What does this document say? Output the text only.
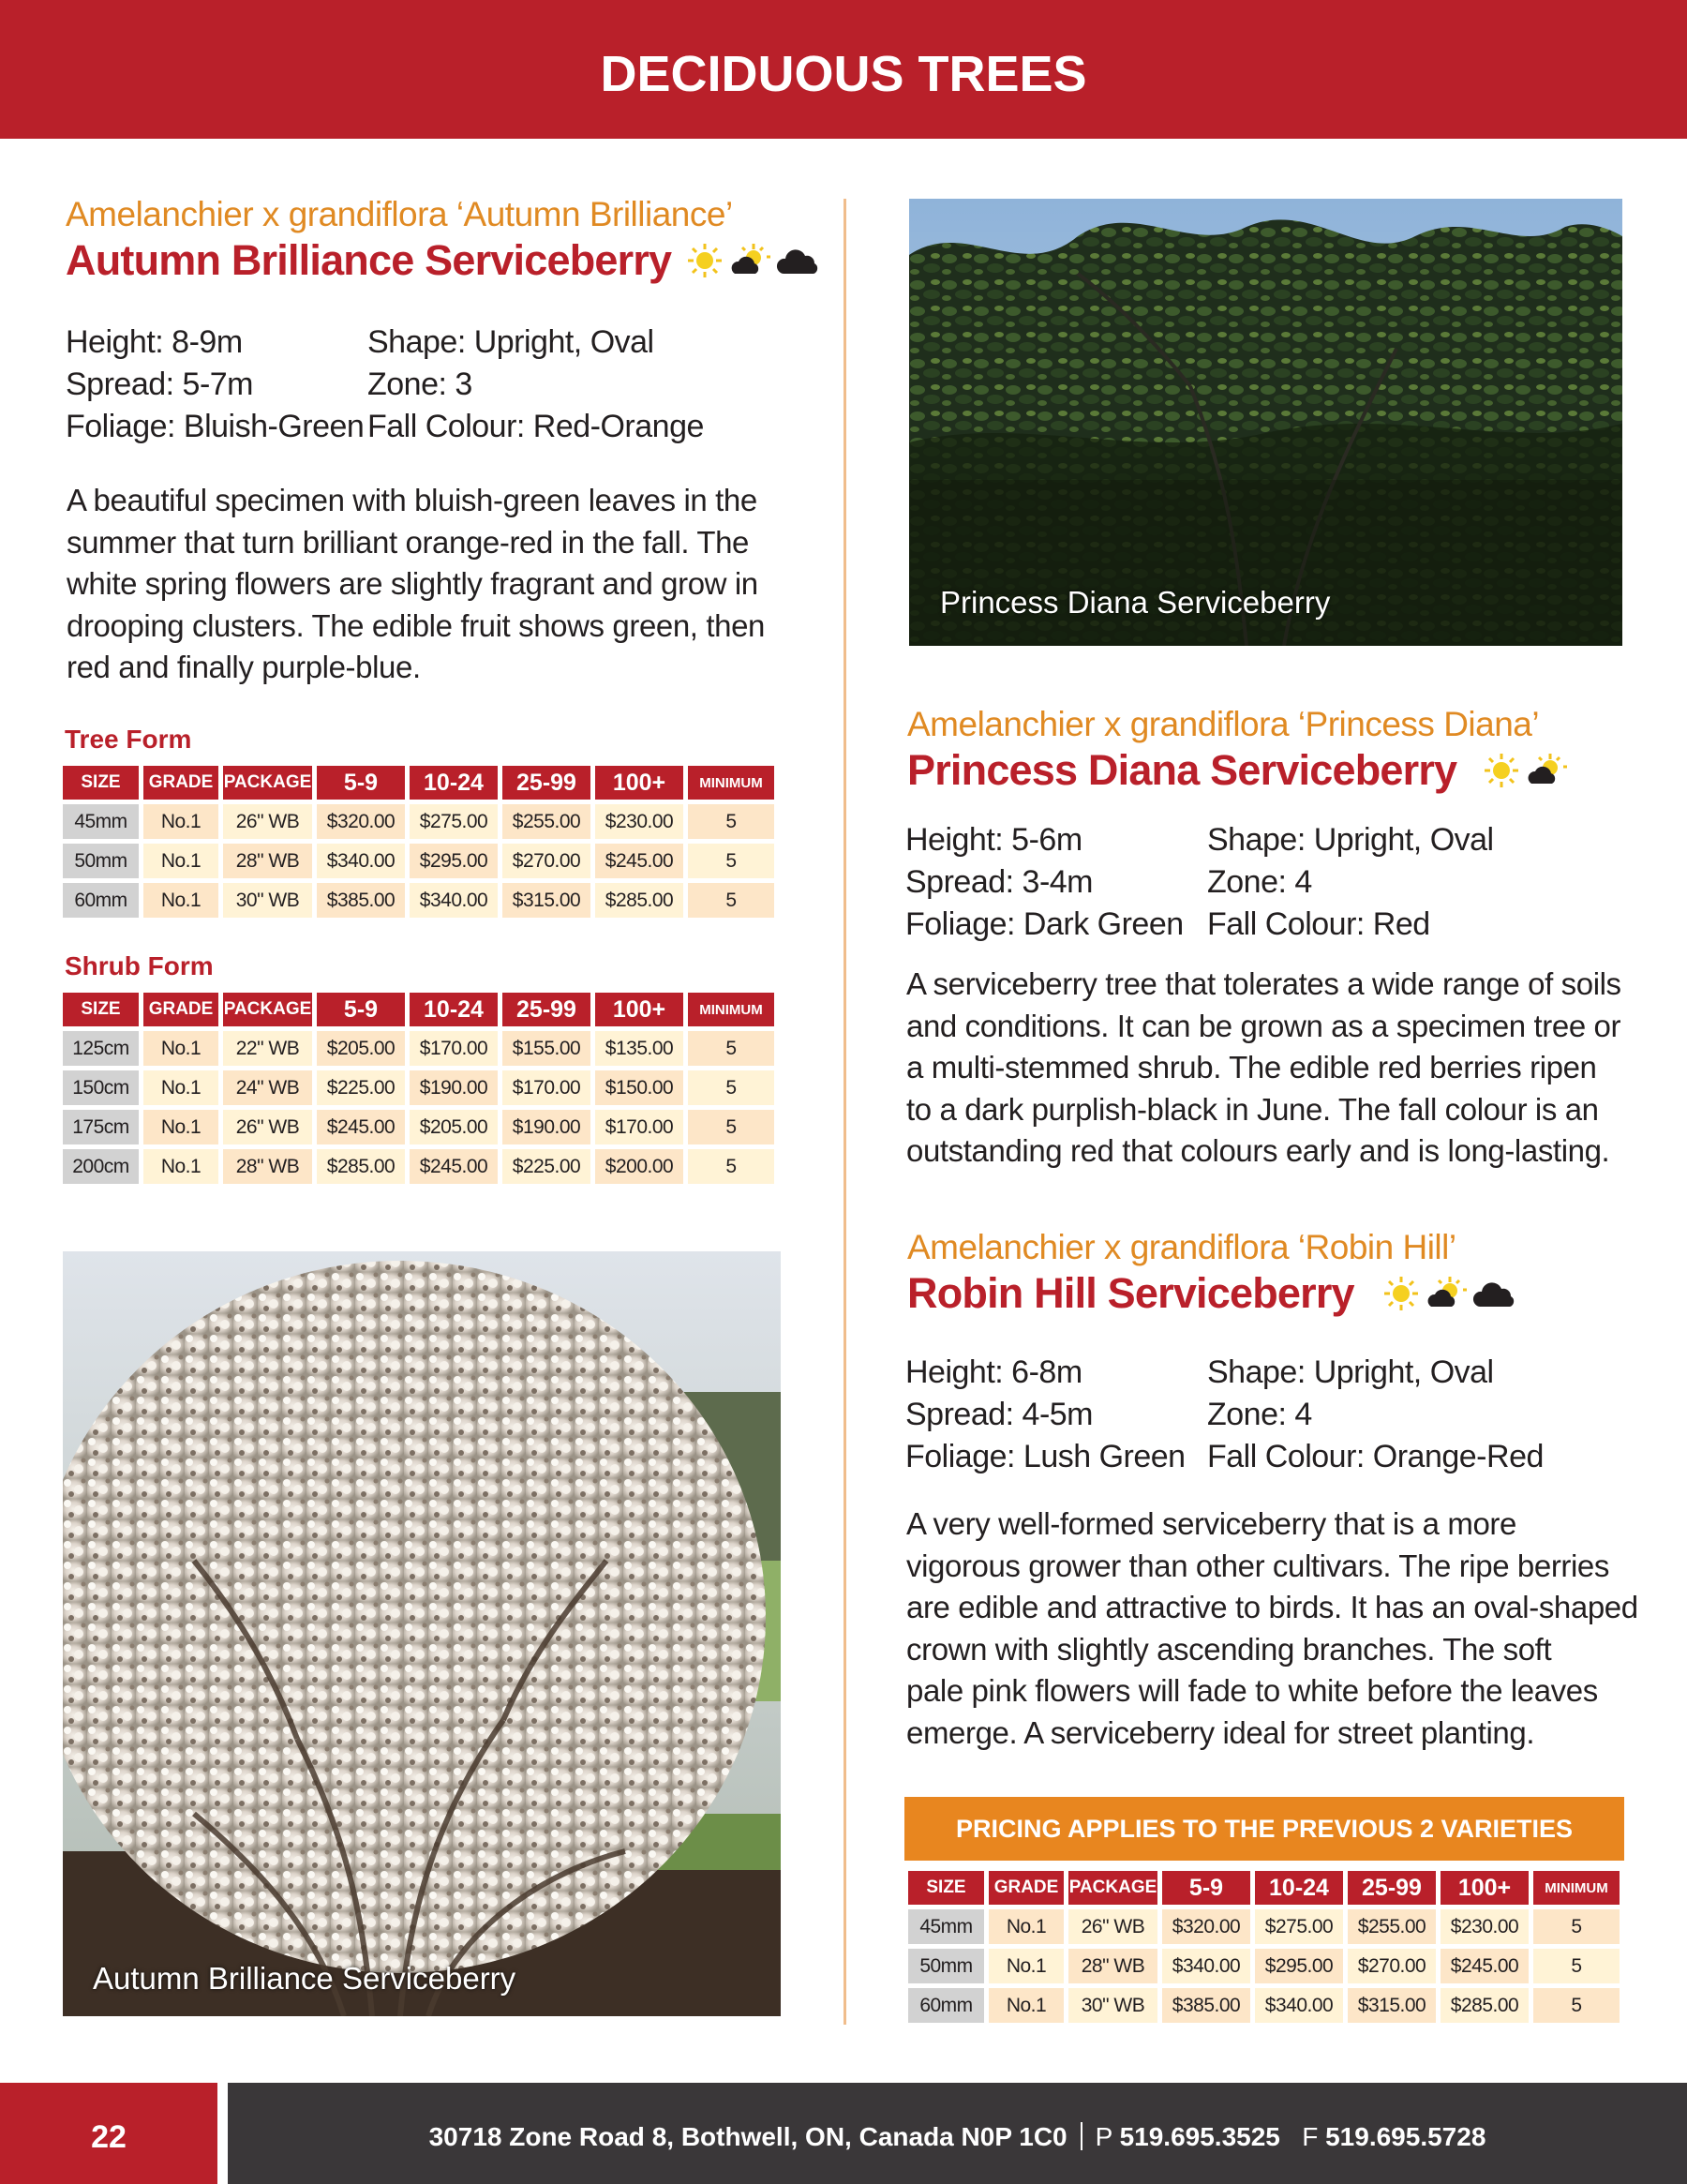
DECIDUOUS TREES
Amelanchier x grandiflora ‘Autumn Brilliance’
Autumn Brilliance Serviceberry
Height: 8-9m	Shape: Upright, Oval
Spread: 5-7m	Zone: 3
Foliage: Bluish-Green Fall Colour: Red-Orange
A beautiful specimen with bluish-green leaves in the
summer that turn brilliant orange-red in the fall. The
white spring flowers are slightly fragrant and grow in
drooping clusters. The edible fruit shows green, then
red and finally purple-blue.
Tree Form
SIZE	GRADE	PACKAGE	5-9	10-24	25-99	100+	MINIMUM
45mm	No.1	26" WB	$320.00	$275.00	$255.00	$230.00	5
50mm	No.1	28" WB	$340.00	$295.00	$270.00	$245.00	5
60mm	No.1	30" WB	$385.00	$340.00	$315.00	$285.00	5
Shrub Form
SIZE	GRADE	PACKAGE	5-9	10-24	25-99	100+	MINIMUM
125cm	No.1	22" WB	$205.00	$170.00	$155.00	$135.00	5
150cm	No.1	24" WB	$225.00	$190.00	$170.00	$150.00	5
175cm	No.1	26" WB	$245.00	$205.00	$190.00	$170.00	5
200cm	No.1	28" WB	$285.00	$245.00	$225.00	$200.00	5
Autumn Brilliance Serviceberry
Princess Diana Serviceberry
Amelanchier x grandiflora ‘Princess Diana’
Princess Diana Serviceberry
Height: 5-6m	Shape: Upright, Oval
Spread: 3-4m	Zone: 4
Foliage: Dark Green Fall Colour: Red
A serviceberry tree that tolerates a wide range of soils
and conditions. It can be grown as a specimen tree or
a multi-stemmed shrub. The edible red berries ripen
to a dark purplish-black in June. The fall colour is an
outstanding red that colours early and is long-lasting.
Amelanchier x grandiflora ‘Robin Hill’
Robin Hill Serviceberry
Height: 6-8m	Shape: Upright, Oval
Spread: 4-5m	Zone: 4
Foliage: Lush Green Fall Colour: Orange-Red
A very well-formed serviceberry that is a more
vigorous grower than other cultivars. The ripe berries
are edible and attractive to birds. It has an oval-shaped
crown with slightly ascending branches. The soft
pale pink flowers will fade to white before the leaves
emerge. A serviceberry ideal for street planting.
PRICING APPLIES TO THE PREVIOUS 2 VARIETIES
SIZE	GRADE	PACKAGE	5-9	10-24	25-99	100+	MINIMUM
45mm	No.1	26" WB	$320.00	$275.00	$255.00	$230.00	5
50mm	No.1	28" WB	$340.00	$295.00	$270.00	$245.00	5
60mm	No.1	30" WB	$385.00	$340.00	$315.00	$285.00	5
22	30718 Zone Road 8, Bothwell, ON, Canada N0P 1C0 P 519.695.3525 F 519.695.5728
